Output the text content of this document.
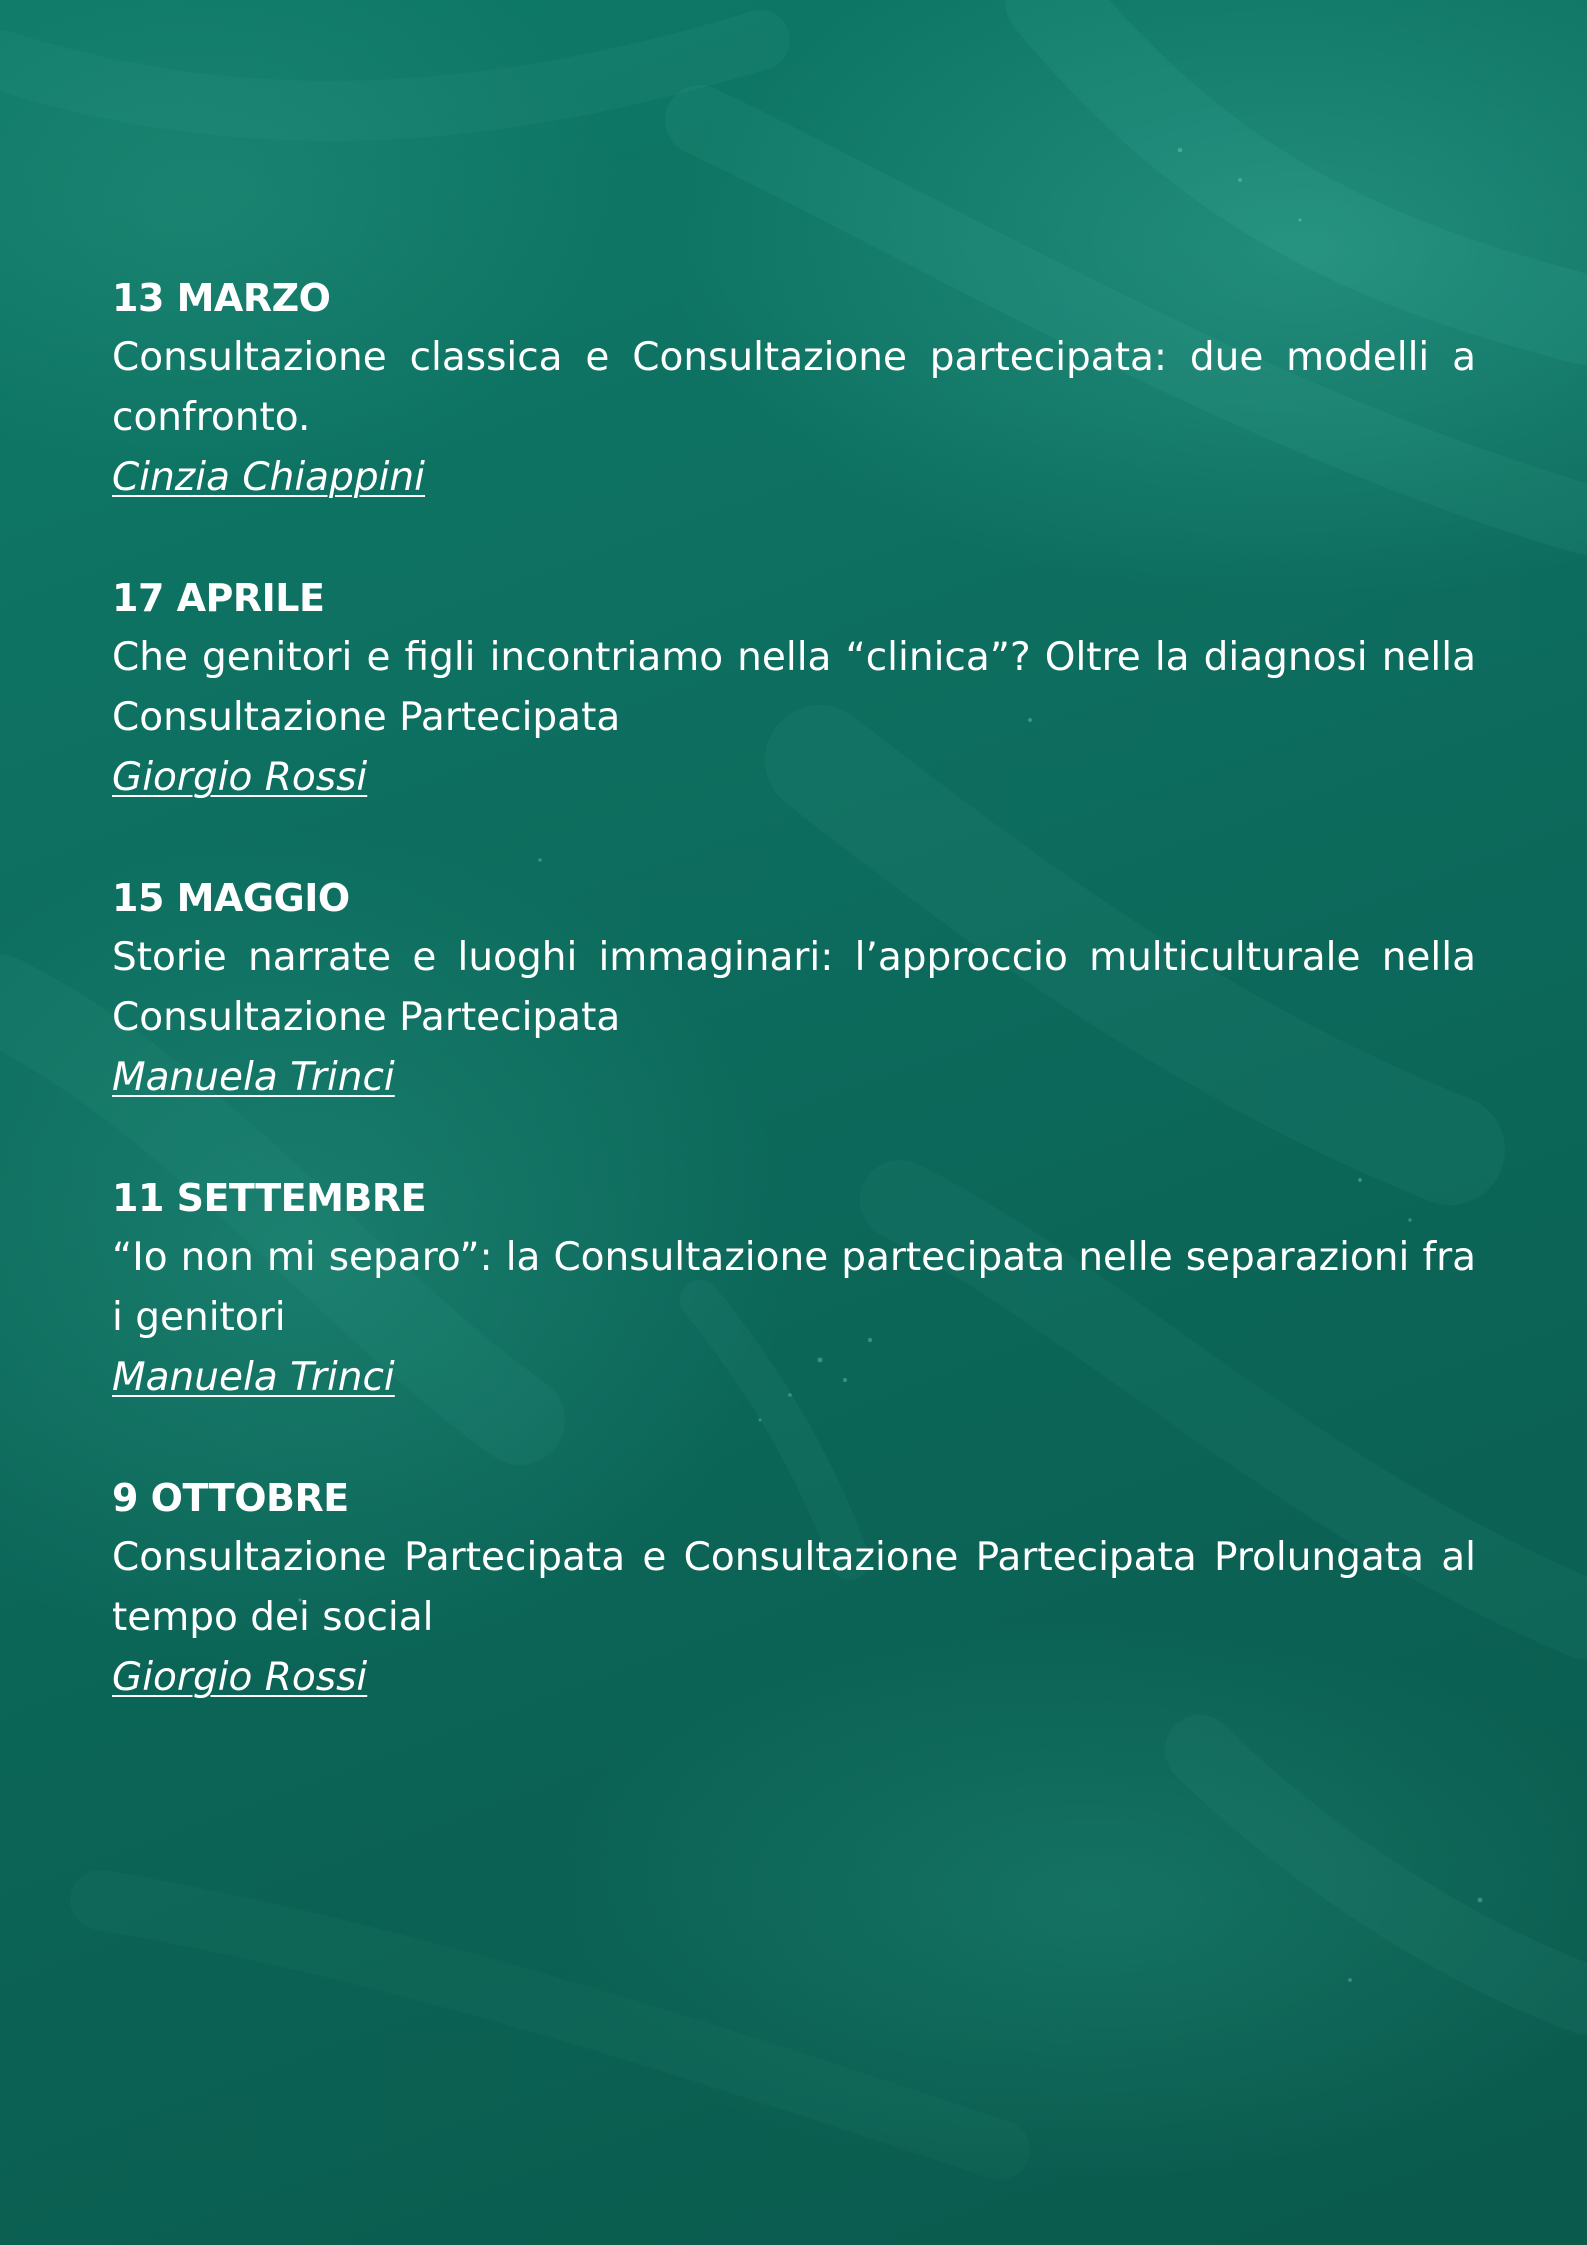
13 MARZO
Consultazione classica e Consultazione partecipata: due modelli a confronto.
Cinzia Chiappini
17 APRILE
Che genitori e figli incontriamo nella “clinica”? Oltre la diagnosi nella Consultazione Partecipata
Giorgio Rossi
15 MAGGIO
Storie narrate e luoghi immaginari: l’approccio multiculturale nella Consultazione Partecipata
Manuela Trinci
11 SETTEMBRE
“Io non mi separo”: la Consultazione partecipata nelle separazioni fra i genitori
Manuela Trinci
9 OTTOBRE
Consultazione Partecipata e Consultazione Partecipata Prolungata al tempo dei social
Giorgio Rossi
